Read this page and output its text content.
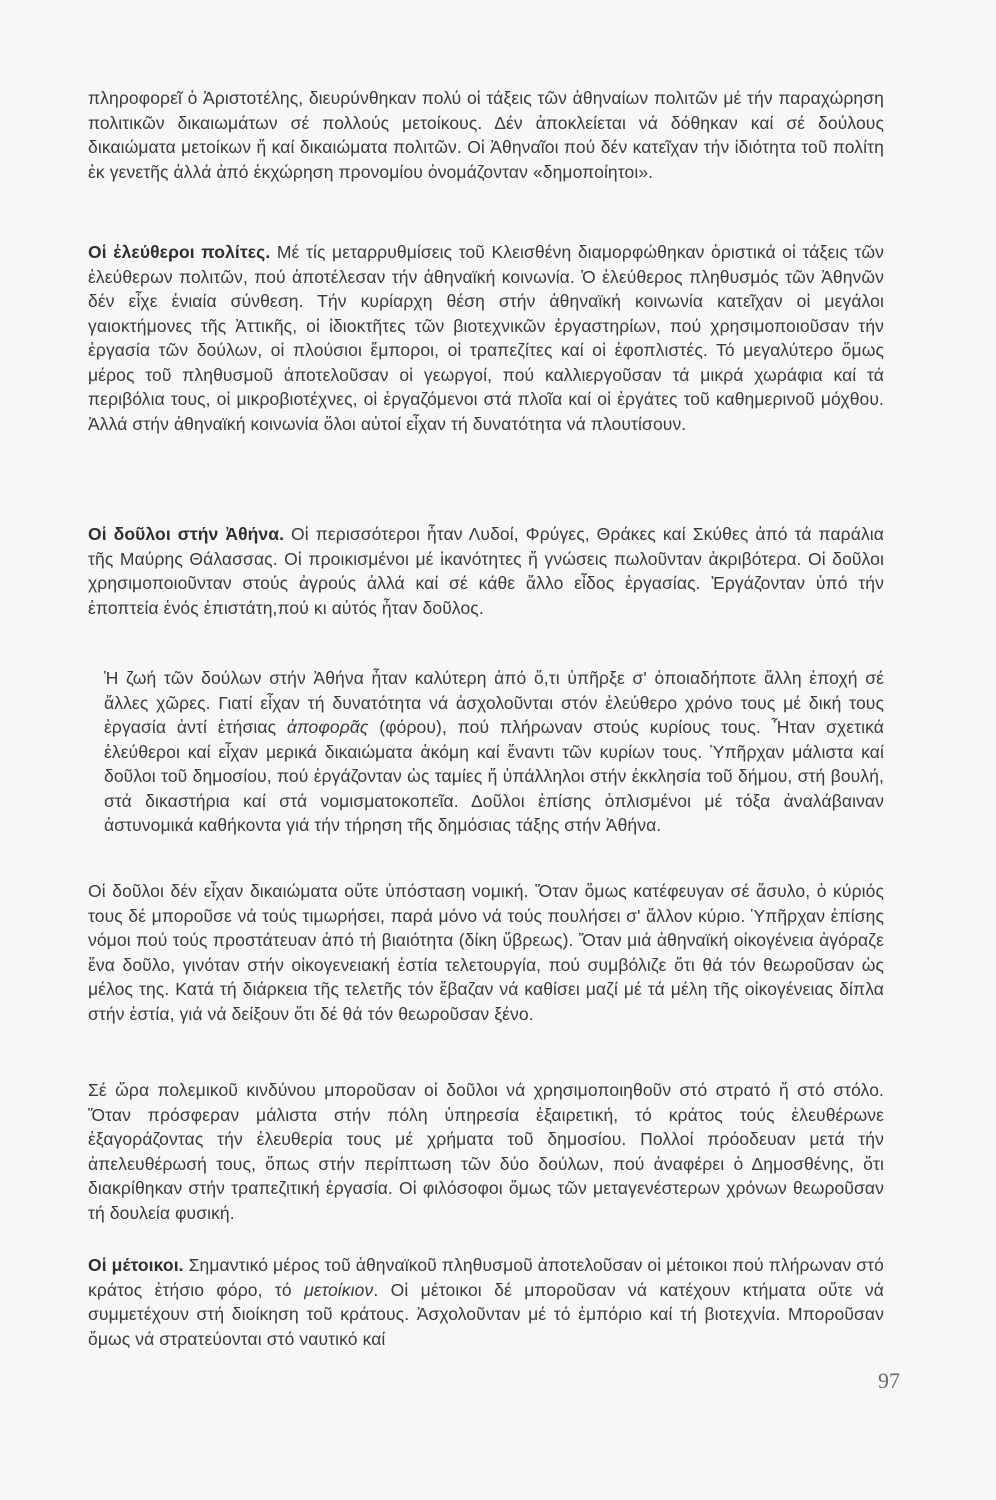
πληροφορεῖ ὁ Ἀριστοτέλης, διευρύνθηκαν πολύ οἱ τάξεις τῶν ἀθηναίων πολιτῶν μέ τήν παραχώρηση πολιτικῶν δικαιωμάτων σέ πολλούς μετοίκους. Δέν ἀποκλείεται νά δόθηκαν καί σέ δούλους δικαιώματα μετοίκων ἤ καί δικαιώματα πολιτῶν. Οἱ Ἀθηναῖοι πού δέν κατεῖχαν τήν ἰδιότητα τοῦ πολίτη ἐκ γενετῆς ἀλλά ἀπό ἐκχώρηση προνομίου ὀνομάζονταν «δημοποίητοι».

Οἱ ἐλεύθεροι πολίτες. Μέ τίς μεταρρυθμίσεις τοῦ Κλεισθένη διαμορφώθηκαν ὁριστικά οἱ τάξεις τῶν ἐλεύθερων πολιτῶν, πού ἀποτέλεσαν τήν ἀθηναϊκή κοινωνία. Ὁ ἐλεύθερος πληθυσμός τῶν Ἀθηνῶν δέν εἶχε ἑνιαία σύνθεση. Τήν κυρίαρχη θέση στήν ἀθηναϊκή κοινωνία κατεῖχαν οἱ μεγάλοι γαιοκτήμονες τῆς Ἀττικῆς, οἱ ἰδιοκτῆτες τῶν βιοτεχνικῶν ἐργαστηρίων, πού χρησιμοποιοῦσαν τήν ἐργασία τῶν δούλων, οἱ πλούσιοι ἔμποροι, οἱ τραπεζίτες καί οἱ ἐφοπλιστές. Τό μεγαλύτερο ὅμως μέρος τοῦ πληθυσμοῦ ἀποτελοῦσαν οἱ γεωργοί, πού καλλιεργοῦσαν τά μικρά χωράφια καί τά περιβόλια τους, οἱ μικροβιοτέχνες, οἱ ἐργαζόμενοι στά πλοῖα καί οἱ ἐργάτες τοῦ καθημερινοῦ μόχθου. Ἀλλά στήν ἀθηναϊκή κοινωνία ὅλοι αὐτοί εἶχαν τή δυνατότητα νά πλουτίσουν.

Οἱ δοῦλοι στήν Ἀθήνα. Οἱ περισσότεροι ἦταν Λυδοί, Φρύγες, Θράκες καί Σκύθες ἀπό τά παράλια τῆς Μαύρης Θάλασσας. Οἱ προικισμένοι μέ ἱκανότητες ἤ γνώσεις πωλοῦνταν ἀκριβότερα. Οἱ δοῦλοι χρησιμοποιοῦνταν στούς ἀγρούς ἀλλά καί σέ κάθε ἄλλο εἶδος ἐργασίας. Ἐργάζονταν ὑπό τήν ἐποπτεία ἑνός ἐπιστάτη,πού κι αὐτός ἦταν δοῦλος.

Ἡ ζωή τῶν δούλων στήν Ἀθήνα ἦταν καλύτερη ἀπό ὅ,τι ὑπῆρξε σ' ὁποιαδήποτε ἄλλη ἐποχή σέ ἄλλες χῶρες. Γιατί εἶχαν τή δυνατότητα νά ἀσχολοῦνται στόν ἐλεύθερο χρόνο τους μέ δική τους ἐργασία ἀντί ἐτήσιας ἀποφορᾶς (φόρου), πού πλήρωναν στούς κυρίους τους. Ἦταν σχετικά ἐλεύθεροι καί εἶχαν μερικά δικαιώματα ἀκόμη καί ἔναντι τῶν κυρίων τους. Ὑπῆρχαν μάλιστα καί δοῦλοι τοῦ δημοσίου, πού ἐργάζονταν ὡς ταμίες ἤ ὑπάλληλοι στήν ἐκκλησία τοῦ δήμου, στή βουλή, στά δικαστήρια καί στά νομισματοκοπεῖα. Δοῦλοι ἐπίσης ὁπλισμένοι μέ τόξα ἀναλάβαιναν ἀστυνομικά καθήκοντα γιά τήν τήρηση τῆς δημόσιας τάξης στήν Ἀθήνα.

Οἱ δοῦλοι δέν εἶχαν δικαιώματα οὔτε ὑπόσταση νομική. Ὅταν ὅμως κατέφευγαν σέ ἄσυλο, ὁ κύριός τους δέ μποροῦσε νά τούς τιμωρήσει, παρά μόνο νά τούς πουλήσει σ' ἄλλον κύριο. Ὑπῆρχαν ἐπίσης νόμοι πού τούς προστάτευαν ἀπό τή βιαιότητα (δίκη ὕβρεως). Ὅταν μιά ἀθηναϊκή οἰκογένεια ἀγόραζε ἕνα δοῦλο, γινόταν στήν οἰκογενειακή ἑστία τελετουργία, πού συμβόλιζε ὅτι θά τόν θεωροῦσαν ὡς μέλος της. Κατά τή διάρκεια τῆς τελετῆς τόν ἔβαζαν νά καθίσει μαζί μέ τά μέλη τῆς οἰκογένειας δίπλα στήν ἑστία, γιά νά δείξουν ὅτι δέ θά τόν θεωροῦσαν ξένο.

Σέ ὥρα πολεμικοῦ κινδύνου μποροῦσαν οἱ δοῦλοι νά χρησιμοποιηθοῦν στό στρατό ἤ στό στόλο. Ὅταν πρόσφεραν μάλιστα στήν πόλη ὑπηρεσία ἐξαιρετική, τό κράτος τούς ἐλευθέρωνε ἐξαγοράζοντας τήν ἐλευθερία τους μέ χρήματα τοῦ δημοσίου. Πολλοί πρόοδευαν μετά τήν ἀπελευθέρωσή τους, ὅπως στήν περίπτωση τῶν δύο δούλων, πού ἀναφέρει ὁ Δημοσθένης, ὅτι διακρίθηκαν στήν τραπεζιτική ἐργασία. Οἱ φιλόσοφοι ὅμως τῶν μεταγενέστερων χρόνων θεωροῦσαν τή δουλεία φυσική.

Οἱ μέτοικοι. Σημαντικό μέρος τοῦ ἀθηναϊκοῦ πληθυσμοῦ ἀποτελοῦσαν οἱ μέτοικοι πού πλήρωναν στό κράτος ἐτήσιο φόρο, τό μετοίκιον. Οἱ μέτοικοι δέ μποροῦσαν νά κατέχουν κτήματα οὔτε νά συμμετέχουν στή διοίκηση τοῦ κράτους. Ἀσχολοῦνταν μέ τό ἐμπόριο καί τή βιοτεχνία. Μποροῦσαν ὅμως νά στρατεύονται στό ναυτικό καί

97
